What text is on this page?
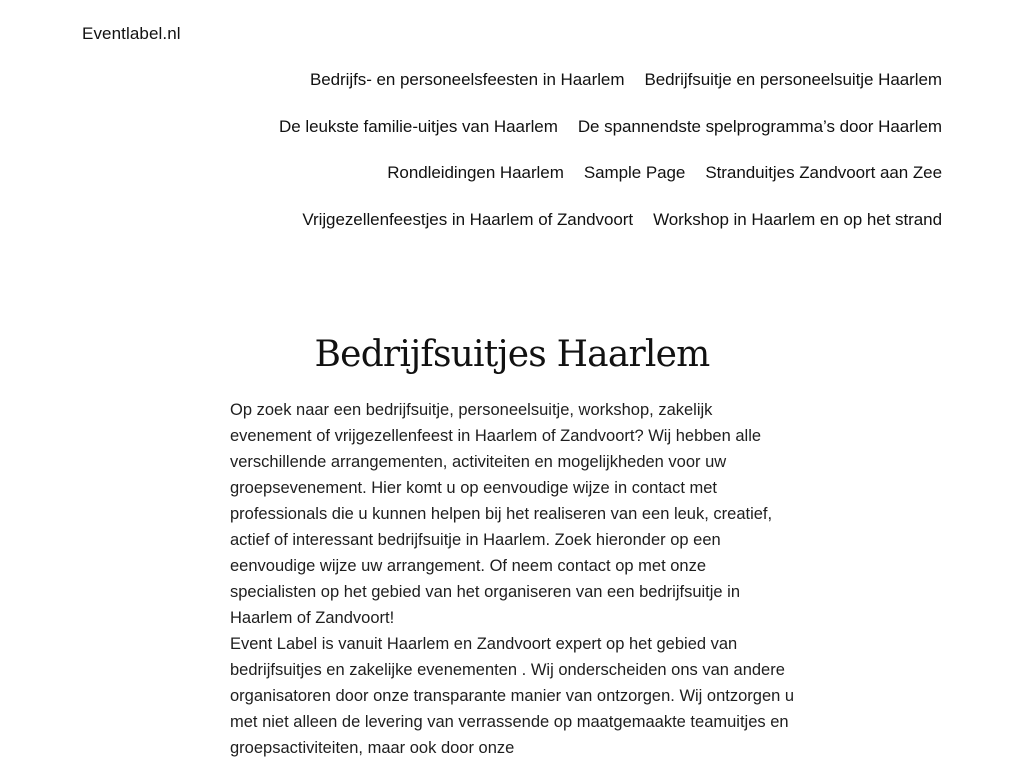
Eventlabel.nl
Bedrijfs- en personeelsfeesten in Haarlem Bedrijfsuitje en personeelsuitje Haarlem
De leukste familie-uitjes van Haarlem De spannendste spelprogramma’s door Haarlem
Rondleidingen Haarlem Sample Page Stranduitjes Zandvoort aan Zee
Vrijgezellenfeestjes in Haarlem of Zandvoort Workshop in Haarlem en op het strand
Bedrijfsuitjes Haarlem

Op zoek naar een bedrijfsuitje, personeelsuitje, workshop, zakelijk evenement of vrijgezellenfeest in Haarlem of Zandvoort? Wij hebben alle verschillende arrangementen, activiteiten en mogelijkheden voor uw groepsevenement. Hier komt u op eenvoudige wijze in contact met professionals die u kunnen helpen bij het realiseren van een leuk, creatief, actief of interessant bedrijfsuitje in Haarlem. Zoek hieronder op een eenvoudige wijze uw arrangement. Of neem contact op met onze specialisten op het gebied van het organiseren van een bedrijfsuitje in Haarlem of Zandvoort!

Event Label is vanuit Haarlem en Zandvoort expert op het gebied van bedrijfsuitjes en zakelijke evenementen . Wij onderscheiden ons van andere organisatoren door onze transparante manier van ontzorgen. Wij ontzorgen u met niet alleen de levering van verrassende op maatgemaakte teamuitjes en groepsactiviteiten, maar ook door onze
